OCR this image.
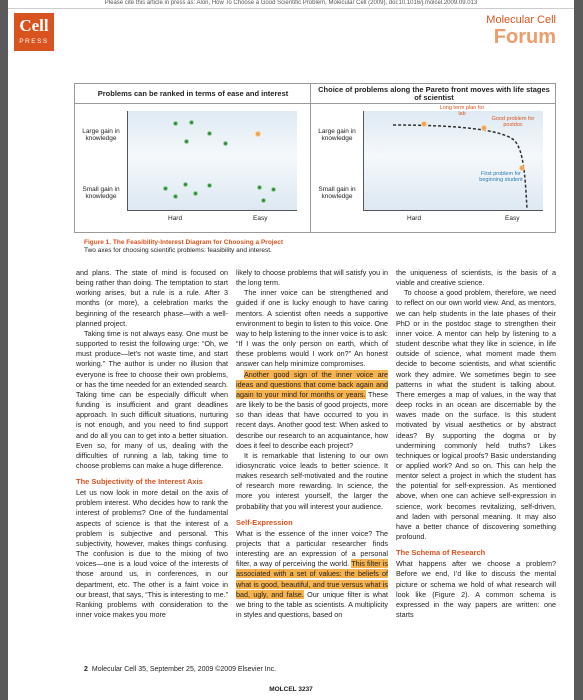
Please cite this article in press as: Alon, How To Choose a Good Scientific Problem, Molecular Cell (2009), doi:10.1016/j.molcel.2009.09.013
Cell
PRESS
Molecular Cell
Forum
Problems can be ranked in terms of ease and interest	Choice of problems along the Pareto front moves with life stages of scientist
Large gain in knowledge
Small gain in knowledge
Hard	Easy
Large gain in knowledge
Small gain in knowledge
Long term plan for lab
Good problem for postdoc
First problem for beginning student
Hard	Easy
Figure 1. The Feasibility-Interest Diagram for Choosing a Project
Two axes for choosing scientific problems: feasibility and interest.

and plans. The state of mind is focused on being rather than doing. The temptation to start working arises, but a rule is a rule. After 3 months (or more), a celebration marks the beginning of the research phase—with a well-planned project.

Taking time is not always easy. One must be supported to resist the following urge: “Oh, we must produce—let’s not waste time, and start working.” The author is under no illusion that everyone is free to choose their own problems, or has the time needed for an extended search. Taking time can be especially difficult when funding is insufficient and grant deadlines approach. In such difficult situations, nurturing is not enough, and you need to find support and do all you can to get into a better situation. Even so, for many of us, dealing with the difficulties of running a lab, taking time to choose problems can make a huge difference.

The Subjectivity of the Interest Axis

Let us now look in more detail on the axis of problem interest. Who decides how to rank the interest of problems? One of the fundamental aspects of science is that the interest of a problem is subjective and personal. This subjectivity, however, makes things confusing. The confusion is due to the mixing of two voices—one is a loud voice of the interests of those around us, in conferences, in our department, etc. The other is a faint voice in our breast, that says, “This is interesting to me.” Ranking problems with consideration to the inner voice makes you more

likely to choose problems that will satisfy you in the long term.

The inner voice can be strengthened and guided if one is lucky enough to have caring mentors. A scientist often needs a supportive environment to begin to listen to this voice. One way to help listening to the inner voice is to ask: “If I was the only person on earth, which of these problems would I work on?” An honest answer can help minimize compromises.

Another good sign of the inner voice are ideas and questions that come back again and again to your mind for months or years. These are likely to be the basis of good projects, more so than ideas that have occurred to you in recent days. Another good test: When asked to describe our research to an acquaintance, how does it feel to describe each project?

It is remarkable that listening to our own idiosyncratic voice leads to better science. It makes research self-motivated and the routine of research more rewarding. In science, the more you interest yourself, the larger the probability that you will interest your audience.

Self-Expression

What is the essence of the inner voice? The projects that a particular researcher finds interesting are an expression of a personal filter, a way of perceiving the world. This filter is associated with a set of values: the beliefs of what is good, beautiful, and true versus what is bad, ugly, and false. Our unique filter is what we bring to the table as scientists. A multiplicity in styles and questions, based on

the uniqueness of scientists, is the basis of a viable and creative science.

To choose a good problem, therefore, we need to reflect on our own world view. And, as mentors, we can help students in the late phases of their PhD or in the postdoc stage to strengthen their inner voice. A mentor can help by listening to a student describe what they like in science, in life outside of science, what moment made them decide to become scientists, and what scientific work they admire. We sometimes begin to see patterns in what the student is talking about. There emerges a map of values, in the way that deep rocks in an ocean are discernable by the waves made on the surface. Is this student motivated by visual aesthetics or by abstract ideas? By supporting the dogma or by undermining commonly held truths? Likes techniques or logical proofs? Basic understanding or applied work? And so on. This can help the mentor select a project in which the student has the potential for self-expression. As mentioned above, when one can achieve self-expression in science, work becomes revitalizing, self-driven, and laden with personal meaning. It may also have a better chance of discovering something profound.

The Schema of Research

What happens after we choose a problem? Before we end, I’d like to discuss the mental picture or schema we hold of what research will look like (Figure 2). A common schema is expressed in the way papers are written: one starts

2 Molecular Cell 35, September 25, 2009 ©2009 Elsevier Inc.
MOLCEL 3237
